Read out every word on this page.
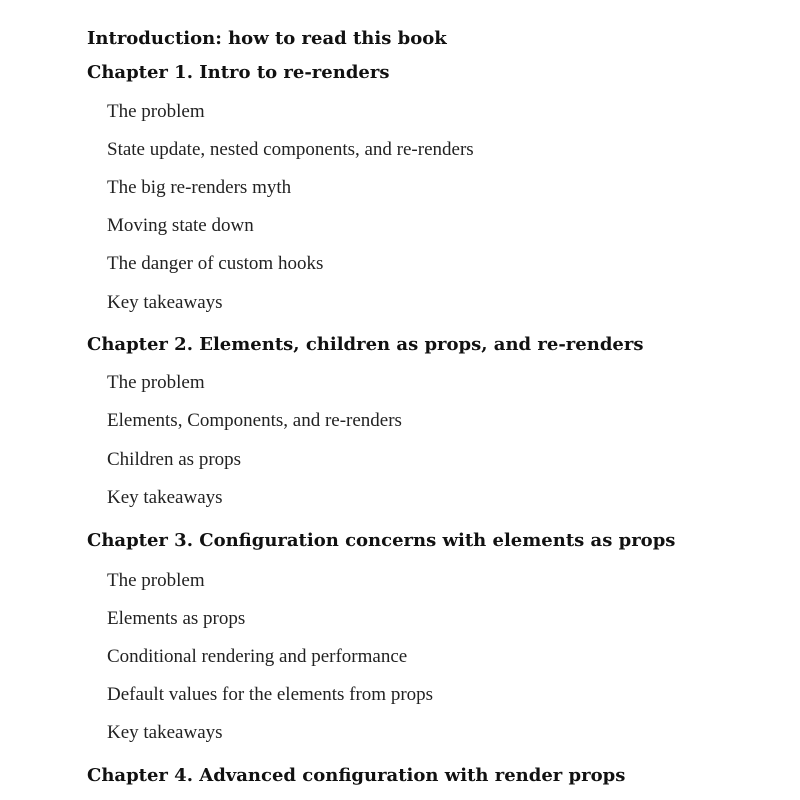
Introduction: how to read this book
Chapter 1. Intro to re-renders
The problem
State update, nested components, and re-renders
The big re-renders myth
Moving state down
The danger of custom hooks
Key takeaways
Chapter 2. Elements, children as props, and re-renders
The problem
Elements, Components, and re-renders
Children as props
Key takeaways
Chapter 3. Configuration concerns with elements as props
The problem
Elements as props
Conditional rendering and performance
Default values for the elements from props
Key takeaways
Chapter 4. Advanced configuration with render props
